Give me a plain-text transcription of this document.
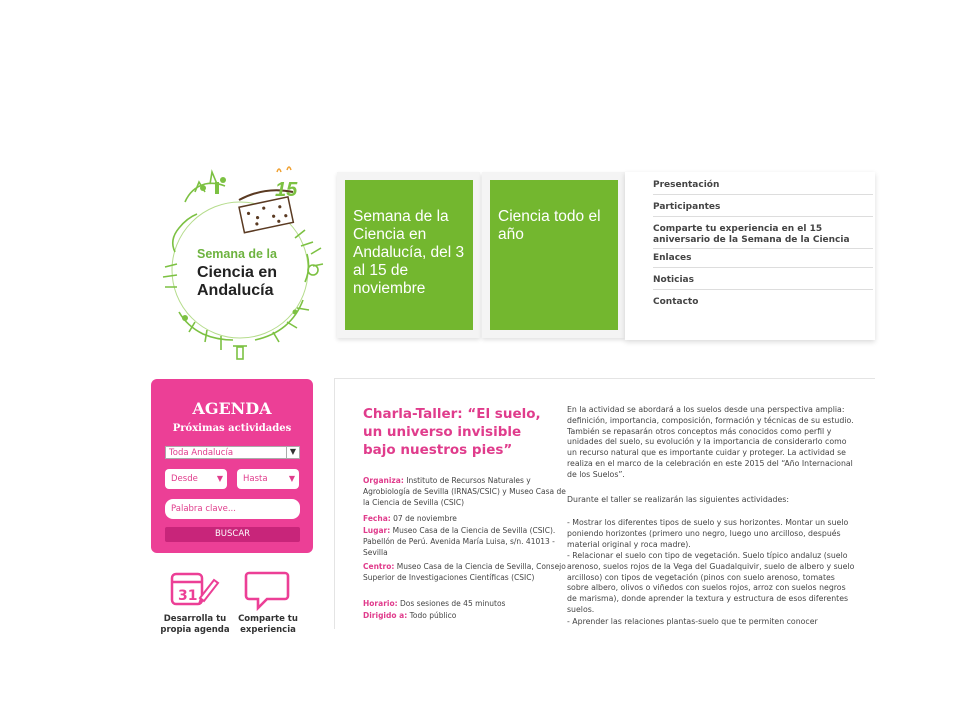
15
Semana de la
Ciencia en
Andalucía
Semana de la Ciencia en Andalucía, del 3 al 15 de noviembre
Ciencia todo el año
Presentación
Participantes
Comparte tu experiencia en el 15 aniversario de la Semana de la Ciencia
Enlaces
Noticias
Contacto
AGENDA
Próximas actividades
Toda Andalucía	▼
Desde ▼	Hasta	▼
Palabra clave...
BUSCAR
31
Desarrolla tu
propia agenda
Comparte tu
experiencia
Charla-Taller: “El suelo, un universo invisible bajo nuestros pies”
Organiza: Instituto de Recursos Naturales y Agrobiología de Sevilla (IRNAS/CSIC) y Museo Casa de la Ciencia de Sevilla (CSIC)
Fecha: 07 de noviembre
Lugar: Museo Casa de la Ciencia de Sevilla (CSIC). Pabellón de Perú. Avenida María Luisa, s/n. 41013 - Sevilla
Centro: Museo Casa de la Ciencia de Sevilla, Consejo Superior de Investigaciones Científicas (CSIC)
Horario: Dos sesiones de 45 minutos
Dirigido a: Todo público
En la actividad se abordará a los suelos desde una perspectiva amplia: definición, importancia, composición, formación y técnicas de su estudio. También se repasarán otros conceptos más conocidos como perfil y unidades del suelo, su evolución y la importancia de considerarlo como un recurso natural que es importante cuidar y proteger. La actividad se realiza en el marco de la celebración en este 2015 del “Año Internacional de los Suelos”.
Durante el taller se realizarán las siguientes actividades:
- Mostrar los diferentes tipos de suelo y sus horizontes. Montar un suelo poniendo horizontes (primero uno negro, luego uno arcilloso, después material original y roca madre).
- Relacionar el suelo con tipo de vegetación. Suelo típico andaluz (suelo arenoso, suelos rojos de la Vega del Guadalquivir, suelo de albero y suelo arcilloso) con tipos de vegetación (pinos con suelo arenoso, tomates sobre albero, olivos o viñedos con suelos rojos, arroz con suelos negros de marisma), donde aprender la textura y estructura de esos diferentes suelos.
- Aprender las relaciones plantas-suelo que te permiten conocer
